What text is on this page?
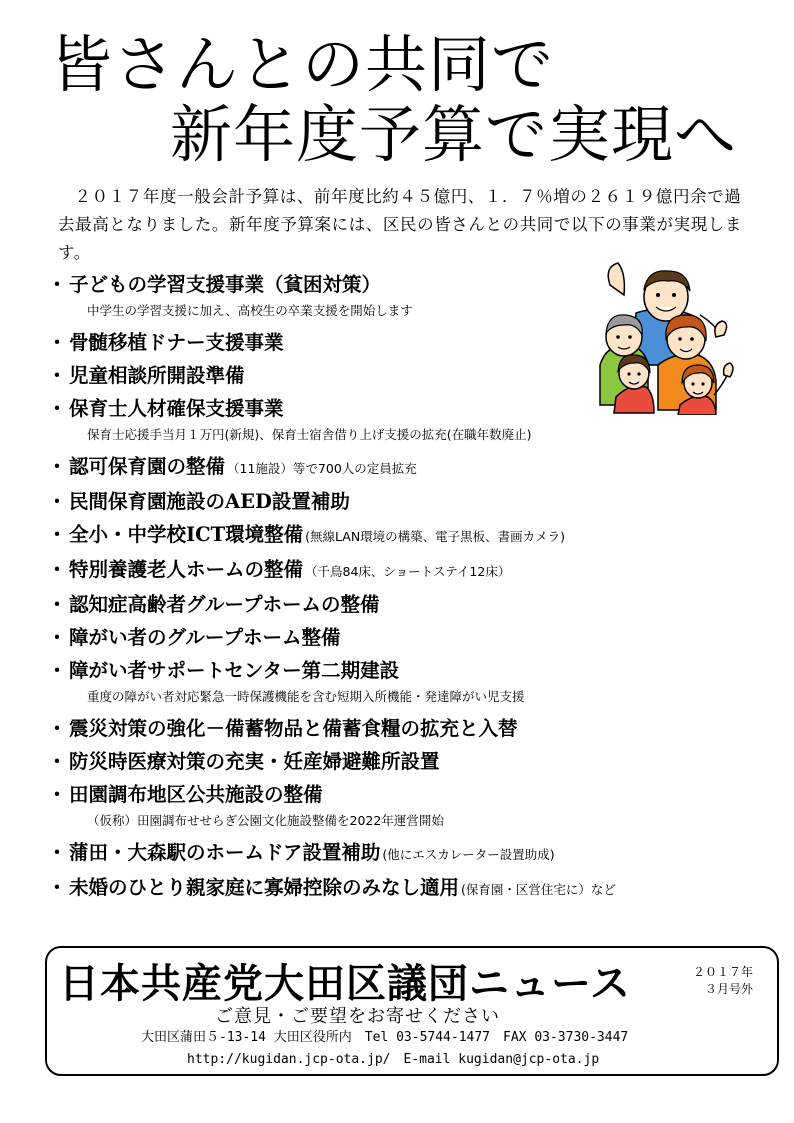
皆さんとの共同で
新年度予算で実現へ
２０１７年度一般会計予算は、前年度比約４５億円、１．７％増の２６１９億円余で過去最高となりました。新年度予算案には、区民の皆さんとの共同で以下の事業が実現します。
・ 子どもの学習支援事業（貧困対策）
中学生の学習支援に加え、高校生の卒業支援を開始します
・ 骨髄移植ドナー支援事業
・ 児童相談所開設準備
・ 保育士人材確保支援事業
保育士応援手当月１万円(新規)、保育士宿舎借り上げ支援の拡充(在職年数廃止)
・ 認可保育園の整備 （11施設）等で700人の定員拡充
・ 民間保育園施設のAED設置補助
・ 全小・中学校ICT環境整備 (無線LAN環境の構築、電子黒板、書画カメラ)
・ 特別養護老人ホームの整備 （千鳥84床、ショートステイ12床）
・ 認知症高齢者グループホームの整備
・ 障がい者のグループホーム整備
・ 障がい者サポートセンター第二期建設
重度の障がい者対応緊急一時保護機能を含む短期入所機能・発達障がい児支援
・ 震災対策の強化－備蓄物品と備蓄食糧の拡充と入替
・ 防災時医療対策の充実・妊産婦避難所設置
・ 田園調布地区公共施設の整備
（仮称）田園調布せせらぎ公園文化施設整備を2022年運営開始
・ 蒲田・大森駅のホームドア設置補助 (他にエスカレーター設置助成)
・ 未婚のひとり親家庭に寡婦控除のみなし適用 (保育園・区営住宅に）など
日本共産党大田区議団ニュース	２０１７年
３月号外
ご意見・ご要望をお寄せください
大田区蒲田５-13-14 大田区役所内　Tel 03-5744-1477　FAX 03-3730-3447
http://kugidan.jcp-ota.jp/　E-mail kugidan@jcp-ota.jp
